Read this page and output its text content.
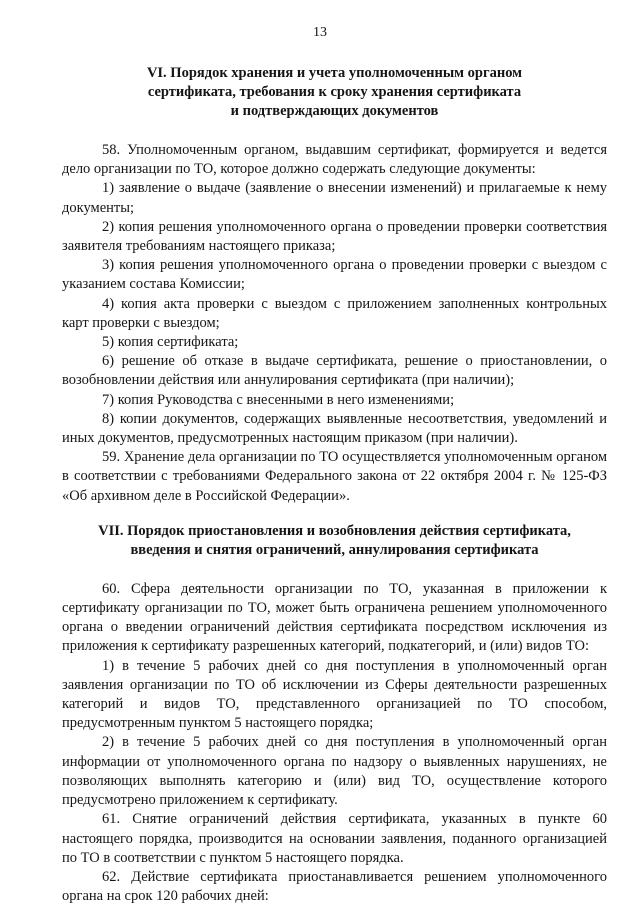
13
VI. Порядок хранения и учета уполномоченным органом
сертификата, требования к сроку хранения сертификата
и подтверждающих документов

58. Уполномоченным органом, выдавшим сертификат, формируется и ведется дело организации по ТО, которое должно содержать следующие документы:

1) заявление о выдаче (заявление о внесении изменений) и прилагаемые к нему документы;

2) копия решения уполномоченного органа о проведении проверки соответствия заявителя требованиям настоящего приказа;

3) копия решения уполномоченного органа о проведении проверки с выездом с указанием состава Комиссии;

4) копия акта проверки с выездом с приложением заполненных контрольных карт проверки с выездом;

5) копия сертификата;

6) решение об отказе в выдаче сертификата, решение о приостановлении, о возобновлении действия или аннулирования сертификата (при наличии);

7) копия Руководства с внесенными в него изменениями;

8) копии документов, содержащих выявленные несоответствия, уведомлений и иных документов, предусмотренных настоящим приказом (при наличии).

59. Хранение дела организации по ТО осуществляется уполномоченным органом в соответствии с требованиями Федерального закона от 22 октября 2004 г. № 125-ФЗ «Об архивном деле в Российской Федерации».

VII. Порядок приостановления и возобновления действия сертификата,
введения и снятия ограничений, аннулирования сертификата

60. Сфера деятельности организации по ТО, указанная в приложении к сертификату организации по ТО, может быть ограничена решением уполномоченного органа о введении ограничений действия сертификата посредством исключения из приложения к сертификату разрешенных категорий, подкатегорий, и (или) видов ТО:

1) в течение 5 рабочих дней со дня поступления в уполномоченный орган заявления организации по ТО об исключении из Сферы деятельности разрешенных категорий и видов ТО, представленного организацией по ТО способом, предусмотренным пунктом 5 настоящего порядка;

2) в течение 5 рабочих дней со дня поступления в уполномоченный орган информации от уполномоченного органа по надзору о выявленных нарушениях, не позволяющих выполнять категорию и (или) вид ТО, осуществление которого предусмотрено приложением к сертификату.

61. Снятие ограничений действия сертификата, указанных в пункте 60 настоящего порядка, производится на основании заявления, поданного организацией по ТО в соответствии с пунктом 5 настоящего порядка.

62. Действие сертификата приостанавливается решением уполномоченного органа на срок 120 рабочих дней:
